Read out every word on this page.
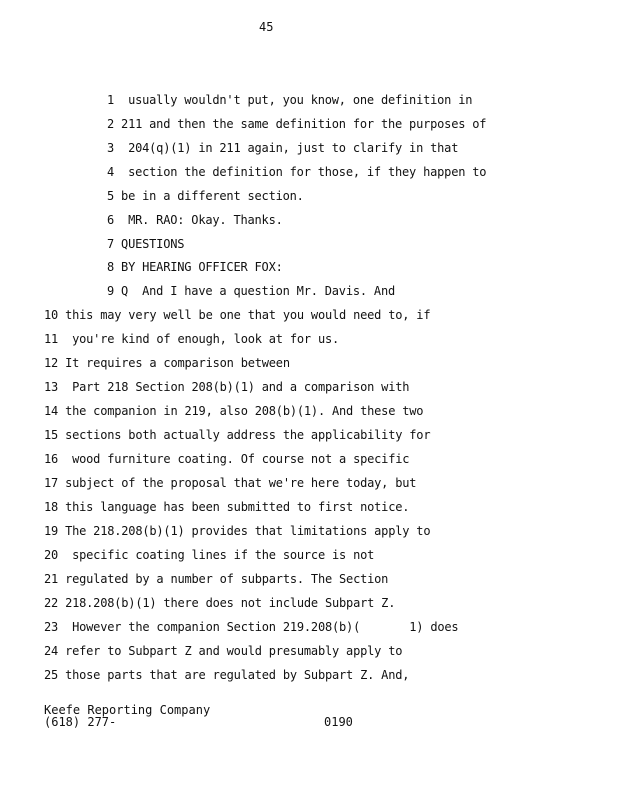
45
1  usually wouldn't put, you know, one definition in
2 211 and then the same definition for the purposes of
3  204(q)(1) in 211 again, just to clarify in that
4  section the definition for those, if they happen to
5 be in a different section.
6  MR. RAO: Okay. Thanks.
7 QUESTIONS
8 BY HEARING OFFICER FOX:
9 Q  And I have a question Mr. Davis. And
10 this may very well be one that you would need to, if
11  you're kind of enough, look at for us.
12 It requires a comparison between
13  Part 218 Section 208(b)(1) and a comparison with
14 the companion in 219, also 208(b)(1). And these two
15 sections both actually address the applicability for
16  wood furniture coating. Of course not a specific
17 subject of the proposal that we're here today, but
18 this language has been submitted to first notice.
19 The 218.208(b)(1) provides that limitations apply to
20  specific coating lines if the source is not
21 regulated by a number of subparts. The Section
22 218.208(b)(1) there does not include Subpart Z.
23  However the companion Section 219.208(b)(       1) does
24 refer to Subpart Z and would presumably apply to
25 those parts that are regulated by Subpart Z. And,
Keefe Reporting Company
(618) 277-	0190
